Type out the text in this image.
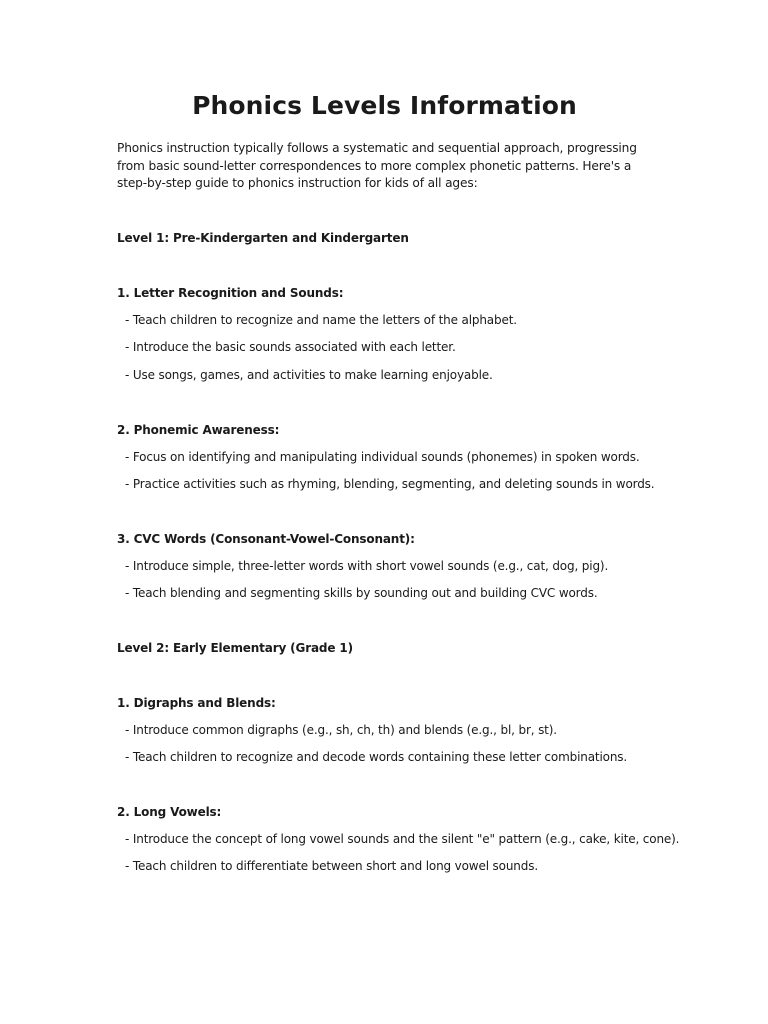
Phonics Levels Information

Phonics instruction typically follows a systematic and sequential approach, progressing from basic sound-letter correspondences to more complex phonetic patterns. Here's a step-by-step guide to phonics instruction for kids of all ages:

Level 1: Pre-Kindergarten and Kindergarten
1. Letter Recognition and Sounds:
- Teach children to recognize and name the letters of the alphabet.
- Introduce the basic sounds associated with each letter.
- Use songs, games, and activities to make learning enjoyable.
2. Phonemic Awareness:
- Focus on identifying and manipulating individual sounds (phonemes) in spoken words.
- Practice activities such as rhyming, blending, segmenting, and deleting sounds in words.
3. CVC Words (Consonant-Vowel-Consonant):
- Introduce simple, three-letter words with short vowel sounds (e.g., cat, dog, pig).
- Teach blending and segmenting skills by sounding out and building CVC words.
Level 2: Early Elementary (Grade 1)
1. Digraphs and Blends:
- Introduce common digraphs (e.g., sh, ch, th) and blends (e.g., bl, br, st).
- Teach children to recognize and decode words containing these letter combinations.
2. Long Vowels:
- Introduce the concept of long vowel sounds and the silent "e" pattern (e.g., cake, kite, cone).
- Teach children to differentiate between short and long vowel sounds.
